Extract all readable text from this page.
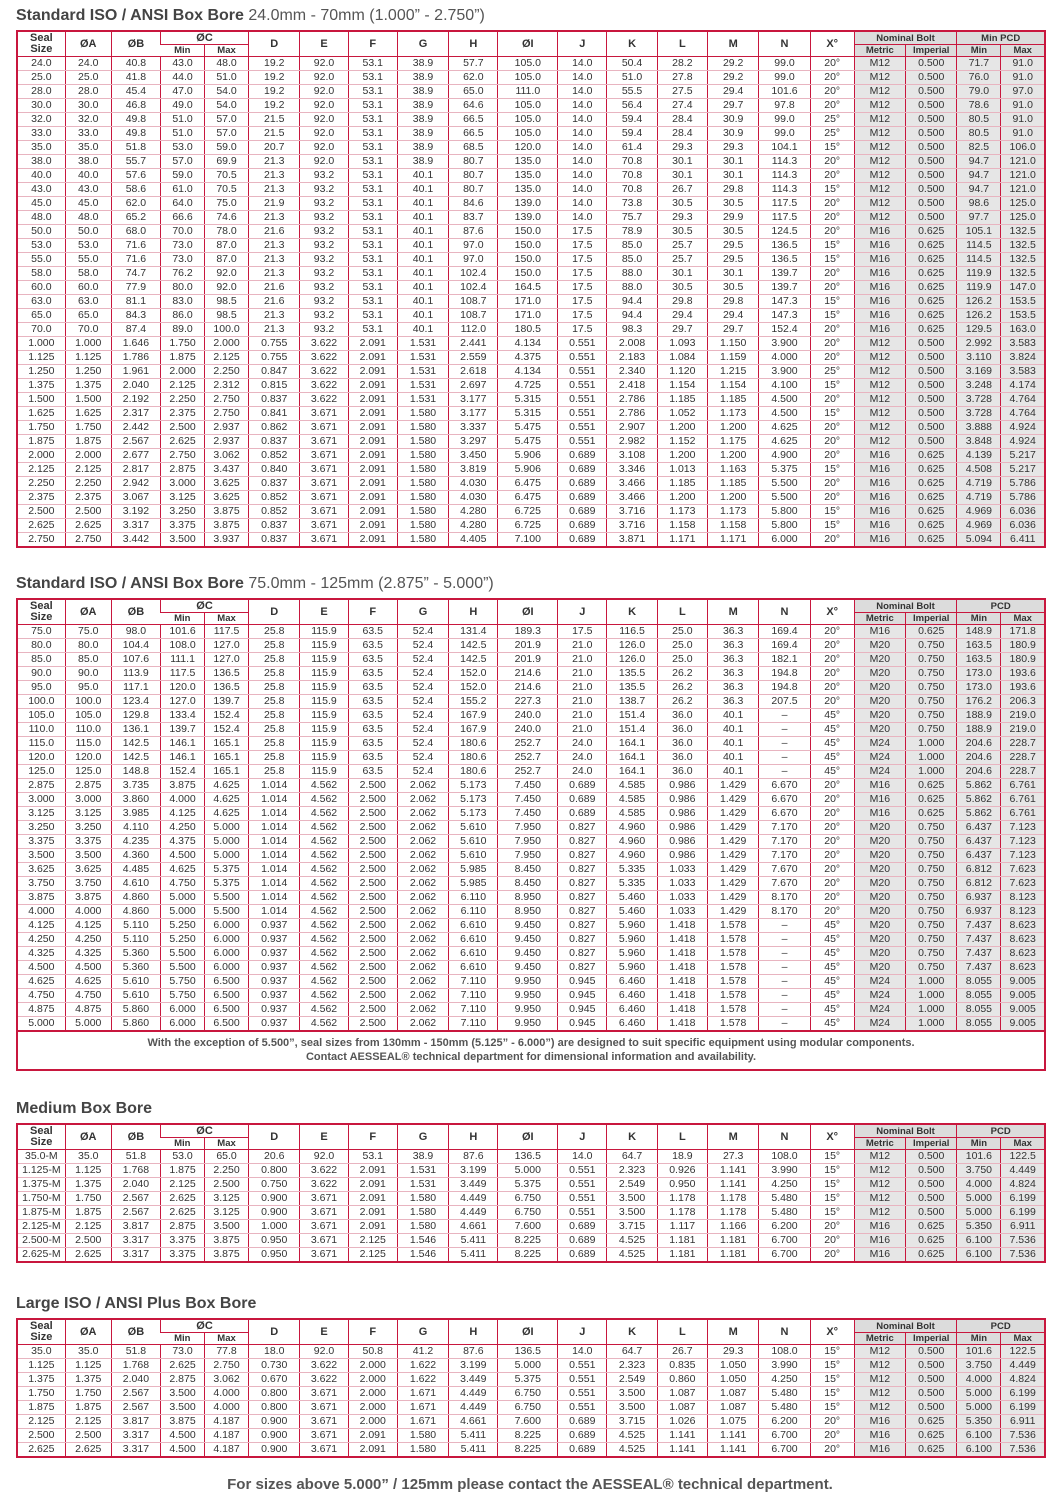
Standard ISO / ANSI Box Bore 24.0mm - 70mm (1.000” - 2.750”)
Seal Size	ØA	ØB	ØC		D	E	F	G	H	ØI	J	K	L	M	N	X°	Nominal Bolt		Min PCD	
			Min	Max													Metric	Imperial	Min	Max
24.0	24.0	40.8	43.0	48.0	19.2	92.0	53.1	38.9	57.7	105.0	14.0	50.4	28.2	29.2	99.0	20°	M12	0.500	71.7	91.0
25.0	25.0	41.8	44.0	51.0	19.2	92.0	53.1	38.9	62.0	105.0	14.0	51.0	27.8	29.2	99.0	20°	M12	0.500	76.0	91.0
28.0	28.0	45.4	47.0	54.0	19.2	92.0	53.1	38.9	65.0	111.0	14.0	55.5	27.5	29.4	101.6	20°	M12	0.500	79.0	97.0
30.0	30.0	46.8	49.0	54.0	19.2	92.0	53.1	38.9	64.6	105.0	14.0	56.4	27.4	29.7	97.8	20°	M12	0.500	78.6	91.0
32.0	32.0	49.8	51.0	57.0	21.5	92.0	53.1	38.9	66.5	105.0	14.0	59.4	28.4	30.9	99.0	25°	M12	0.500	80.5	91.0
33.0	33.0	49.8	51.0	57.0	21.5	92.0	53.1	38.9	66.5	105.0	14.0	59.4	28.4	30.9	99.0	25°	M12	0.500	80.5	91.0
35.0	35.0	51.8	53.0	59.0	20.7	92.0	53.1	38.9	68.5	120.0	14.0	61.4	29.3	29.3	104.1	15°	M12	0.500	82.5	106.0
38.0	38.0	55.7	57.0	69.9	21.3	92.0	53.1	38.9	80.7	135.0	14.0	70.8	30.1	30.1	114.3	20°	M12	0.500	94.7	121.0
40.0	40.0	57.6	59.0	70.5	21.3	93.2	53.1	40.1	80.7	135.0	14.0	70.8	30.1	30.1	114.3	20°	M12	0.500	94.7	121.0
43.0	43.0	58.6	61.0	70.5	21.3	93.2	53.1	40.1	80.7	135.0	14.0	70.8	26.7	29.8	114.3	15°	M12	0.500	94.7	121.0
45.0	45.0	62.0	64.0	75.0	21.9	93.2	53.1	40.1	84.6	139.0	14.0	73.8	30.5	30.5	117.5	20°	M12	0.500	98.6	125.0
48.0	48.0	65.2	66.6	74.6	21.3	93.2	53.1	40.1	83.7	139.0	14.0	75.7	29.3	29.9	117.5	20°	M12	0.500	97.7	125.0
50.0	50.0	68.0	70.0	78.0	21.6	93.2	53.1	40.1	87.6	150.0	17.5	78.9	30.5	30.5	124.5	20°	M16	0.625	105.1	132.5
53.0	53.0	71.6	73.0	87.0	21.3	93.2	53.1	40.1	97.0	150.0	17.5	85.0	25.7	29.5	136.5	15°	M16	0.625	114.5	132.5
55.0	55.0	71.6	73.0	87.0	21.3	93.2	53.1	40.1	97.0	150.0	17.5	85.0	25.7	29.5	136.5	15°	M16	0.625	114.5	132.5
58.0	58.0	74.7	76.2	92.0	21.3	93.2	53.1	40.1	102.4	150.0	17.5	88.0	30.1	30.1	139.7	20°	M16	0.625	119.9	132.5
60.0	60.0	77.9	80.0	92.0	21.6	93.2	53.1	40.1	102.4	164.5	17.5	88.0	30.5	30.5	139.7	20°	M16	0.625	119.9	147.0
63.0	63.0	81.1	83.0	98.5	21.6	93.2	53.1	40.1	108.7	171.0	17.5	94.4	29.8	29.8	147.3	15°	M16	0.625	126.2	153.5
65.0	65.0	84.3	86.0	98.5	21.3	93.2	53.1	40.1	108.7	171.0	17.5	94.4	29.4	29.4	147.3	15°	M16	0.625	126.2	153.5
70.0	70.0	87.4	89.0	100.0	21.3	93.2	53.1	40.1	112.0	180.5	17.5	98.3	29.7	29.7	152.4	20°	M16	0.625	129.5	163.0
1.000	1.000	1.646	1.750	2.000	0.755	3.622	2.091	1.531	2.441	4.134	0.551	2.008	1.093	1.150	3.900	20°	M12	0.500	2.992	3.583
1.125	1.125	1.786	1.875	2.125	0.755	3.622	2.091	1.531	2.559	4.375	0.551	2.183	1.084	1.159	4.000	20°	M12	0.500	3.110	3.824
1.250	1.250	1.961	2.000	2.250	0.847	3.622	2.091	1.531	2.618	4.134	0.551	2.340	1.120	1.215	3.900	25°	M12	0.500	3.169	3.583
1.375	1.375	2.040	2.125	2.312	0.815	3.622	2.091	1.531	2.697	4.725	0.551	2.418	1.154	1.154	4.100	15°	M12	0.500	3.248	4.174
1.500	1.500	2.192	2.250	2.750	0.837	3.622	2.091	1.531	3.177	5.315	0.551	2.786	1.185	1.185	4.500	20°	M12	0.500	3.728	4.764
1.625	1.625	2.317	2.375	2.750	0.841	3.671	2.091	1.580	3.177	5.315	0.551	2.786	1.052	1.173	4.500	15°	M12	0.500	3.728	4.764
1.750	1.750	2.442	2.500	2.937	0.862	3.671	2.091	1.580	3.337	5.475	0.551	2.907	1.200	1.200	4.625	20°	M12	0.500	3.888	4.924
1.875	1.875	2.567	2.625	2.937	0.837	3.671	2.091	1.580	3.297	5.475	0.551	2.982	1.152	1.175	4.625	20°	M12	0.500	3.848	4.924
2.000	2.000	2.677	2.750	3.062	0.852	3.671	2.091	1.580	3.450	5.906	0.689	3.108	1.200	1.200	4.900	20°	M16	0.625	4.139	5.217
2.125	2.125	2.817	2.875	3.437	0.840	3.671	2.091	1.580	3.819	5.906	0.689	3.346	1.013	1.163	5.375	15°	M16	0.625	4.508	5.217
2.250	2.250	2.942	3.000	3.625	0.837	3.671	2.091	1.580	4.030	6.475	0.689	3.466	1.185	1.185	5.500	20°	M16	0.625	4.719	5.786
2.375	2.375	3.067	3.125	3.625	0.852	3.671	2.091	1.580	4.030	6.475	0.689	3.466	1.200	1.200	5.500	20°	M16	0.625	4.719	5.786
2.500	2.500	3.192	3.250	3.875	0.852	3.671	2.091	1.580	4.280	6.725	0.689	3.716	1.173	1.173	5.800	15°	M16	0.625	4.969	6.036
2.625	2.625	3.317	3.375	3.875	0.837	3.671	2.091	1.580	4.280	6.725	0.689	3.716	1.158	1.158	5.800	15°	M16	0.625	4.969	6.036
2.750	2.750	3.442	3.500	3.937	0.837	3.671	2.091	1.580	4.405	7.100	0.689	3.871	1.171	1.171	6.000	20°	M16	0.625	5.094	6.411
Standard ISO / ANSI Box Bore 75.0mm - 125mm (2.875” - 5.000”)
Seal Size	ØA	ØB	ØC		D	E	F	G	H	ØI	J	K	L	M	N	X°	Nominal Bolt		PCD	
			Min	Max													Metric	Imperial	Min	Max
75.0	75.0	98.0	101.6	117.5	25.8	115.9	63.5	52.4	131.4	189.3	17.5	116.5	25.0	36.3	169.4	20°	M16	0.625	148.9	171.8
80.0	80.0	104.4	108.0	127.0	25.8	115.9	63.5	52.4	142.5	201.9	21.0	126.0	25.0	36.3	169.4	20°	M20	0.750	163.5	180.9
85.0	85.0	107.6	111.1	127.0	25.8	115.9	63.5	52.4	142.5	201.9	21.0	126.0	25.0	36.3	182.1	20°	M20	0.750	163.5	180.9
90.0	90.0	113.9	117.5	136.5	25.8	115.9	63.5	52.4	152.0	214.6	21.0	135.5	26.2	36.3	194.8	20°	M20	0.750	173.0	193.6
95.0	95.0	117.1	120.0	136.5	25.8	115.9	63.5	52.4	152.0	214.6	21.0	135.5	26.2	36.3	194.8	20°	M20	0.750	173.0	193.6
100.0	100.0	123.4	127.0	139.7	25.8	115.9	63.5	52.4	155.2	227.3	21.0	138.7	26.2	36.3	207.5	20°	M20	0.750	176.2	206.3
105.0	105.0	129.8	133.4	152.4	25.8	115.9	63.5	52.4	167.9	240.0	21.0	151.4	36.0	40.1	–	45°	M20	0.750	188.9	219.0
110.0	110.0	136.1	139.7	152.4	25.8	115.9	63.5	52.4	167.9	240.0	21.0	151.4	36.0	40.1	–	45°	M20	0.750	188.9	219.0
115.0	115.0	142.5	146.1	165.1	25.8	115.9	63.5	52.4	180.6	252.7	24.0	164.1	36.0	40.1	–	45°	M24	1.000	204.6	228.7
120.0	120.0	142.5	146.1	165.1	25.8	115.9	63.5	52.4	180.6	252.7	24.0	164.1	36.0	40.1	–	45°	M24	1.000	204.6	228.7
125.0	125.0	148.8	152.4	165.1	25.8	115.9	63.5	52.4	180.6	252.7	24.0	164.1	36.0	40.1	–	45°	M24	1.000	204.6	228.7
2.875	2.875	3.735	3.875	4.625	1.014	4.562	2.500	2.062	5.173	7.450	0.689	4.585	0.986	1.429	6.670	20°	M16	0.625	5.862	6.761
3.000	3.000	3.860	4.000	4.625	1.014	4.562	2.500	2.062	5.173	7.450	0.689	4.585	0.986	1.429	6.670	20°	M16	0.625	5.862	6.761
3.125	3.125	3.985	4.125	4.625	1.014	4.562	2.500	2.062	5.173	7.450	0.689	4.585	0.986	1.429	6.670	20°	M16	0.625	5.862	6.761
3.250	3.250	4.110	4.250	5.000	1.014	4.562	2.500	2.062	5.610	7.950	0.827	4.960	0.986	1.429	7.170	20°	M20	0.750	6.437	7.123
3.375	3.375	4.235	4.375	5.000	1.014	4.562	2.500	2.062	5.610	7.950	0.827	4.960	0.986	1.429	7.170	20°	M20	0.750	6.437	7.123
3.500	3.500	4.360	4.500	5.000	1.014	4.562	2.500	2.062	5.610	7.950	0.827	4.960	0.986	1.429	7.170	20°	M20	0.750	6.437	7.123
3.625	3.625	4.485	4.625	5.375	1.014	4.562	2.500	2.062	5.985	8.450	0.827	5.335	1.033	1.429	7.670	20°	M20	0.750	6.812	7.623
3.750	3.750	4.610	4.750	5.375	1.014	4.562	2.500	2.062	5.985	8.450	0.827	5.335	1.033	1.429	7.670	20°	M20	0.750	6.812	7.623
3.875	3.875	4.860	5.000	5.500	1.014	4.562	2.500	2.062	6.110	8.950	0.827	5.460	1.033	1.429	8.170	20°	M20	0.750	6.937	8.123
4.000	4.000	4.860	5.000	5.500	1.014	4.562	2.500	2.062	6.110	8.950	0.827	5.460	1.033	1.429	8.170	20°	M20	0.750	6.937	8.123
4.125	4.125	5.110	5.250	6.000	0.937	4.562	2.500	2.062	6.610	9.450	0.827	5.960	1.418	1.578	–	45°	M20	0.750	7.437	8.623
4.250	4.250	5.110	5.250	6.000	0.937	4.562	2.500	2.062	6.610	9.450	0.827	5.960	1.418	1.578	–	45°	M20	0.750	7.437	8.623
4.325	4.325	5.360	5.500	6.000	0.937	4.562	2.500	2.062	6.610	9.450	0.827	5.960	1.418	1.578	–	45°	M20	0.750	7.437	8.623
4.500	4.500	5.360	5.500	6.000	0.937	4.562	2.500	2.062	6.610	9.450	0.827	5.960	1.418	1.578	–	45°	M20	0.750	7.437	8.623
4.625	4.625	5.610	5.750	6.500	0.937	4.562	2.500	2.062	7.110	9.950	0.945	6.460	1.418	1.578	–	45°	M24	1.000	8.055	9.005
4.750	4.750	5.610	5.750	6.500	0.937	4.562	2.500	2.062	7.110	9.950	0.945	6.460	1.418	1.578	–	45°	M24	1.000	8.055	9.005
4.875	4.875	5.860	6.000	6.500	0.937	4.562	2.500	2.062	7.110	9.950	0.945	6.460	1.418	1.578	–	45°	M24	1.000	8.055	9.005
5.000	5.000	5.860	6.000	6.500	0.937	4.562	2.500	2.062	7.110	9.950	0.945	6.460	1.418	1.578	–	45°	M24	1.000	8.055	9.005
With the exception of 5.500”, seal sizes from 130mm - 150mm (5.125” - 6.000”) are designed to suit specific equipment using modular components.
Contact AESSEAL® technical department for dimensional information and availability.
Medium Box Bore
Seal Size	ØA	ØB	ØC		D	E	F	G	H	ØI	J	K	L	M	N	X°	Nominal Bolt		PCD	
			Min	Max													Metric	Imperial	Min	Max
35.0-M	35.0	51.8	53.0	65.0	20.6	92.0	53.1	38.9	87.6	136.5	14.0	64.7	18.9	27.3	108.0	15°	M12	0.500	101.6	122.5
1.125-M	1.125	1.768	1.875	2.250	0.800	3.622	2.091	1.531	3.199	5.000	0.551	2.323	0.926	1.141	3.990	15°	M12	0.500	3.750	4.449
1.375-M	1.375	2.040	2.125	2.500	0.750	3.622	2.091	1.531	3.449	5.375	0.551	2.549	0.950	1.141	4.250	15°	M12	0.500	4.000	4.824
1.750-M	1.750	2.567	2.625	3.125	0.900	3.671	2.091	1.580	4.449	6.750	0.551	3.500	1.178	1.178	5.480	15°	M12	0.500	5.000	6.199
1.875-M	1.875	2.567	2.625	3.125	0.900	3.671	2.091	1.580	4.449	6.750	0.551	3.500	1.178	1.178	5.480	15°	M12	0.500	5.000	6.199
2.125-M	2.125	3.817	2.875	3.500	1.000	3.671	2.091	1.580	4.661	7.600	0.689	3.715	1.117	1.166	6.200	20°	M16	0.625	5.350	6.911
2.500-M	2.500	3.317	3.375	3.875	0.950	3.671	2.125	1.546	5.411	8.225	0.689	4.525	1.181	1.181	6.700	20°	M16	0.625	6.100	7.536
2.625-M	2.625	3.317	3.375	3.875	0.950	3.671	2.125	1.546	5.411	8.225	0.689	4.525	1.181	1.181	6.700	20°	M16	0.625	6.100	7.536
Large ISO / ANSI Plus Box Bore
Seal Size	ØA	ØB	ØC		D	E	F	G	H	ØI	J	K	L	M	N	X°	Nominal Bolt		PCD	
			Min	Max													Metric	Imperial	Min	Max
35.0	35.0	51.8	73.0	77.8	18.0	92.0	50.8	41.2	87.6	136.5	14.0	64.7	26.7	29.3	108.0	15°	M12	0.500	101.6	122.5
1.125	1.125	1.768	2.625	2.750	0.730	3.622	2.000	1.622	3.199	5.000	0.551	2.323	0.835	1.050	3.990	15°	M12	0.500	3.750	4.449
1.375	1.375	2.040	2.875	3.062	0.670	3.622	2.000	1.622	3.449	5.375	0.551	2.549	0.860	1.050	4.250	15°	M12	0.500	4.000	4.824
1.750	1.750	2.567	3.500	4.000	0.800	3.671	2.000	1.671	4.449	6.750	0.551	3.500	1.087	1.087	5.480	15°	M12	0.500	5.000	6.199
1.875	1.875	2.567	3.500	4.000	0.800	3.671	2.000	1.671	4.449	6.750	0.551	3.500	1.087	1.087	5.480	15°	M12	0.500	5.000	6.199
2.125	2.125	3.817	3.875	4.187	0.900	3.671	2.000	1.671	4.661	7.600	0.689	3.715	1.026	1.075	6.200	20°	M16	0.625	5.350	6.911
2.500	2.500	3.317	4.500	4.187	0.900	3.671	2.091	1.580	5.411	8.225	0.689	4.525	1.141	1.141	6.700	20°	M16	0.625	6.100	7.536
2.625	2.625	3.317	4.500	4.187	0.900	3.671	2.091	1.580	5.411	8.225	0.689	4.525	1.141	1.141	6.700	20°	M16	0.625	6.100	7.536
For sizes above 5.000” / 125mm please contact the AESSEAL® technical department.
